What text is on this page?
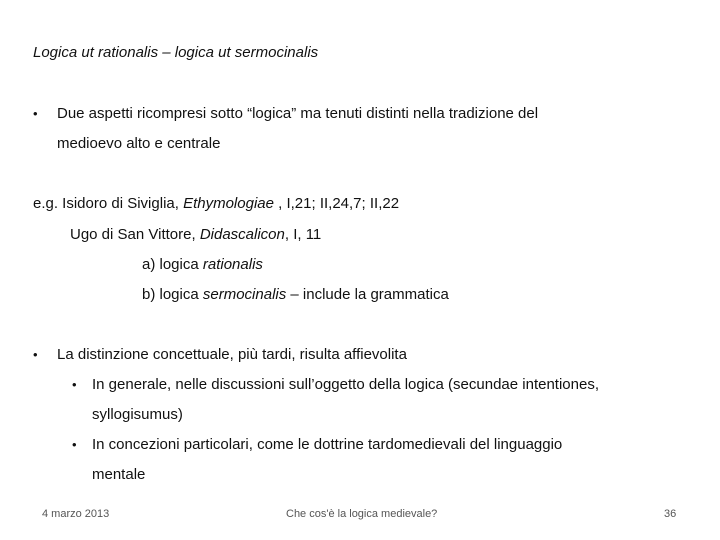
Logica ut rationalis – logica ut sermocinalis
• Due aspetti ricompresi sotto “logica” ma tenuti distinti nella tradizione del
medioevo alto e centrale
e.g. Isidoro di Siviglia, Ethymologiae , I,21; II,24,7; II,22
Ugo di San Vittore, Didascalicon, I, 11
a) logica rationalis
b) logica sermocinalis – include la grammatica
• La distinzione concettuale, più tardi, risulta affievolita
• In generale, nelle discussioni sull’oggetto della logica (secundae intentiones,
syllogisumus)
• In concezioni particolari, come le dottrine tardomedievali del linguaggio
mentale
4 marzo 2013	Che cos'è la logica medievale?	36
